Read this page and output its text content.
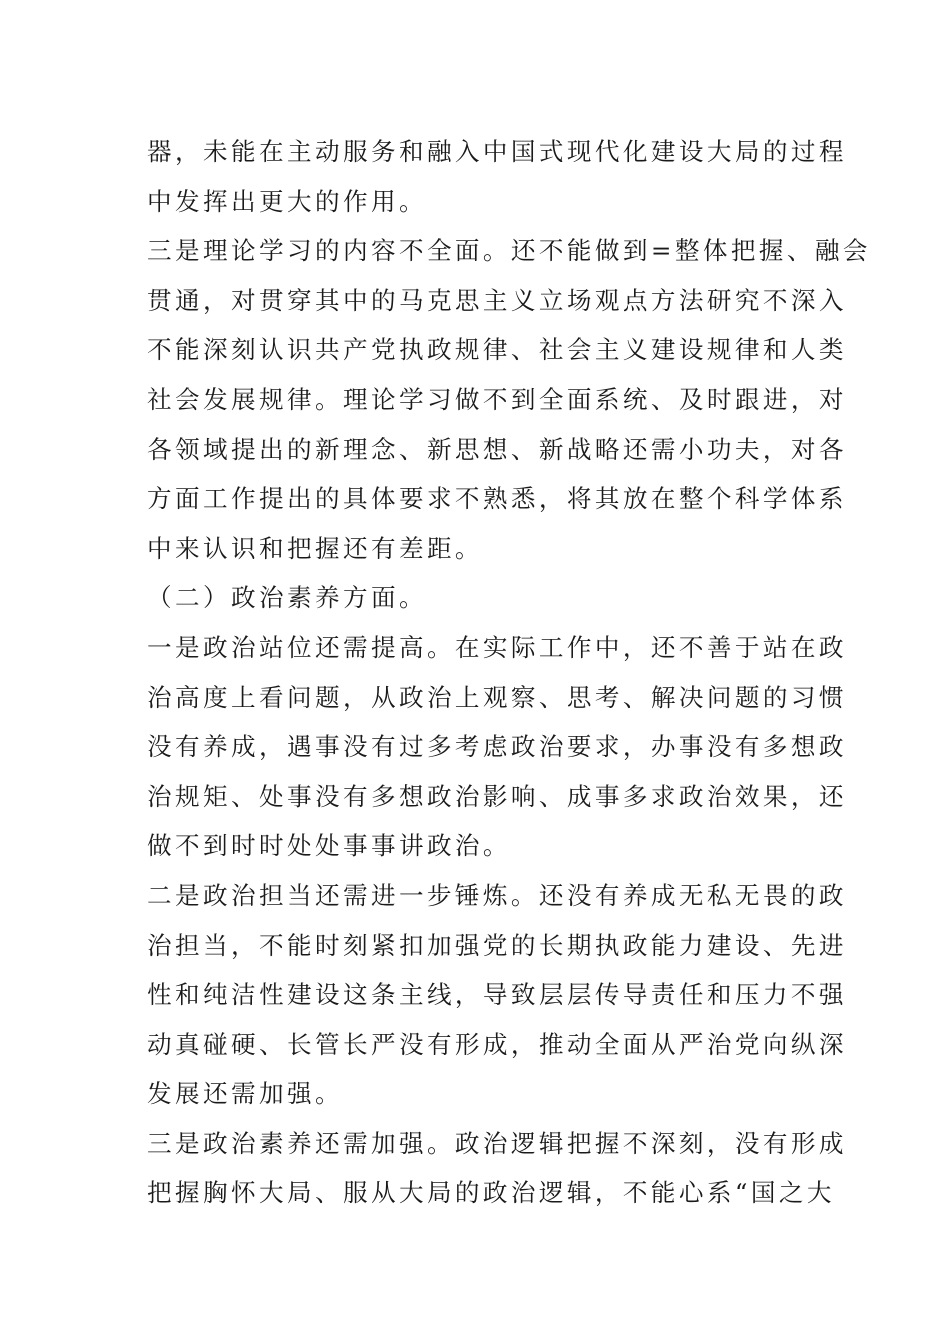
器，未能在主动服务和融入中国式现代化建设大局的过程
中发挥出更大的作用。
三是理论学习的内容不全面。还不能做到=整体把握、融会
贯通，对贯穿其中的马克思主义立场观点方法研究不深入
不能深刻认识共产党执政规律、社会主义建设规律和人类
社会发展规律。理论学习做不到全面系统、及时跟进，对
各领域提出的新理念、新思想、新战略还需小功夫，对各
方面工作提出的具体要求不熟悉，将其放在整个科学体系
中来认识和把握还有差距。
（二）政治素养方面。
一是政治站位还需提高。在实际工作中，还不善于站在政
治高度上看问题，从政治上观察、思考、解决问题的习惯
没有养成，遇事没有过多考虑政治要求，办事没有多想政
治规矩、处事没有多想政治影响、成事多求政治效果，还
做不到时时处处事事讲政治。
二是政治担当还需进一步锤炼。还没有养成无私无畏的政
治担当，不能时刻紧扣加强党的长期执政能力建设、先进
性和纯洁性建设这条主线，导致层层传导责任和压力不强
动真碰硬、长管长严没有形成，推动全面从严治党向纵深
发展还需加强。
三是政治素养还需加强。政治逻辑把握不深刻，没有形成
把握胸怀大局、服从大局的政治逻辑，不能心系“国之大
